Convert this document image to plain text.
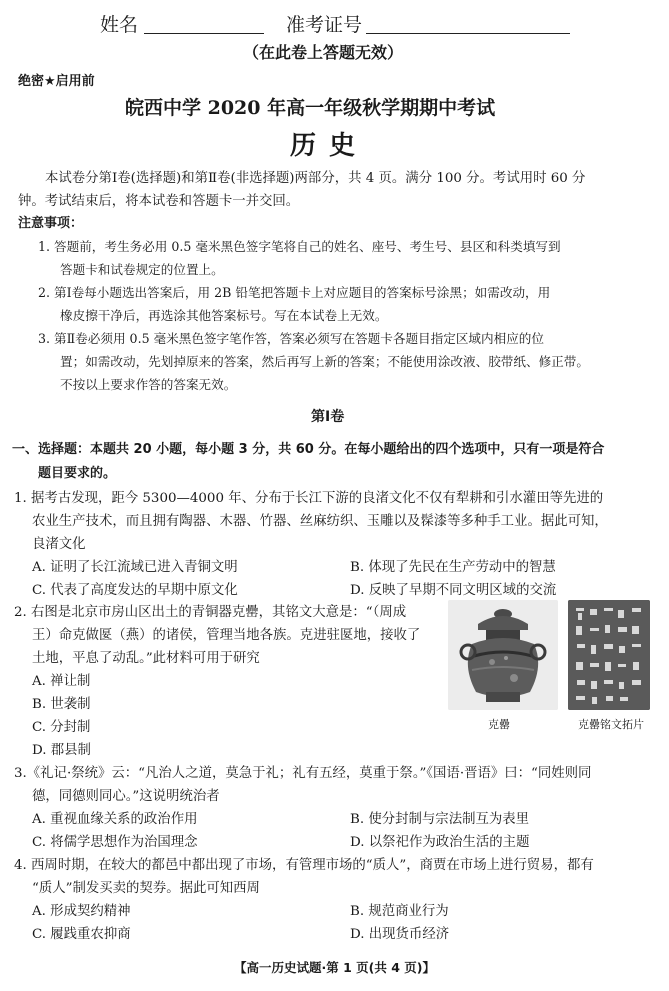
姓名	准考证号
（在此卷上答题无效）
绝密★启用前
皖西中学 2020 年高一年级秋学期期中考试
历 史
本试卷分第Ⅰ卷(选择题)和第Ⅱ卷(非选择题)两部分，共 4 页。满分 100 分。考试用时 60 分
钟。考试结束后，将本试卷和答题卡一并交回。
注意事项：
1. 答题前，考生务必用 0.5 毫米黑色签字笔将自己的姓名、座号、考生号、县区和科类填写到
答题卡和试卷规定的位置上。
2. 第Ⅰ卷每小题选出答案后，用 2B 铅笔把答题卡上对应题目的答案标号涂黑；如需改动，用
橡皮擦干净后，再选涂其他答案标号。写在本试卷上无效。
3. 第Ⅱ卷必须用 0.5 毫米黑色签字笔作答，答案必须写在答题卡各题目指定区域内相应的位
置；如需改动，先划掉原来的答案，然后再写上新的答案；不能使用涂改液、胶带纸、修正带。
不按以上要求作答的答案无效。
第Ⅰ卷
一、选择题：本题共 20 小题，每小题 3 分，共 60 分。在每小题给出的四个选项中，只有一项是符合
题目要求的。
1. 据考古发现，距今 5300—4000 年、分布于长江下游的良渚文化不仅有犁耕和引水灌田等先进的
农业生产技术，而且拥有陶器、木器、竹器、丝麻纺织、玉雕以及髹漆等多种手工业。据此可知，
良渚文化
A. 证明了长江流域已进入青铜文明	B. 体现了先民在生产劳动中的智慧
C. 代表了高度发达的早期中原文化	D. 反映了早期不同文明区域的交流
2. 右图是北京市房山区出土的青铜器克罍，其铭文大意是：“（周成
王）命克做匽（燕）的诸侯，管理当地各族。克进驻匽地，接收了
土地，平息了动乱。”此材料可用于研究
A. 禅让制
B. 世袭制
C. 分封制
D. 郡县制
克罍	克罍铭文拓片
3.《礼记·祭统》云：“凡治人之道，莫急于礼；礼有五经，莫重于祭。”《国语·晋语》曰：“同姓则同
德，同德则同心。”这说明统治者
A. 重视血缘关系的政治作用	B. 使分封制与宗法制互为表里
C. 将儒学思想作为治国理念	D. 以祭祀作为政治生活的主题
4. 西周时期，在较大的都邑中都出现了市场，有管理市场的“质人”，商贾在市场上进行贸易，都有
“质人”制发买卖的契券。据此可知西周
A. 形成契约精神	B. 规范商业行为
C. 履践重农抑商	D. 出现货币经济
【高一历史试题·第 1 页(共 4 页)】
